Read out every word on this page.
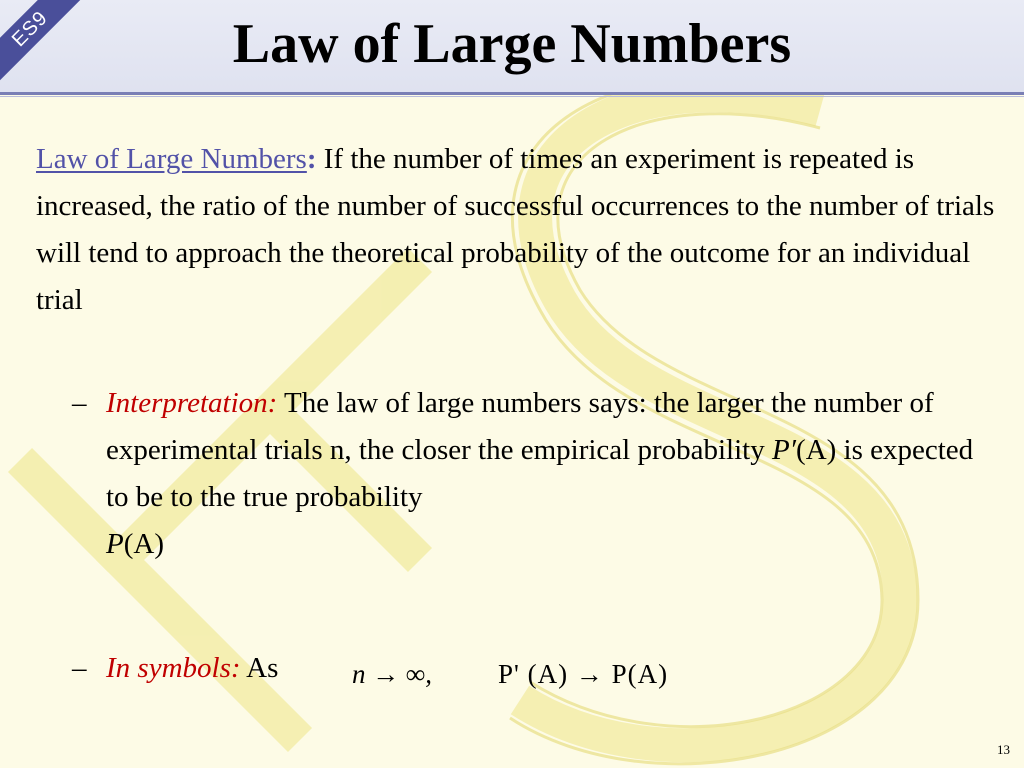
ES9	Law of Large Numbers
Law of Large Numbers: If the number of times an experiment is repeated is increased, the ratio of the number of successful occurrences to the number of trials will tend to approach the theoretical probability of the outcome for an individual trial
– Interpretation: The law of large numbers says: the larger the number of experimental trials n, the closer the empirical probability P′(A) is expected to be to the true probability
P(A)
– In symbols: As	n → ∞, P' (A) → P(A)
13
